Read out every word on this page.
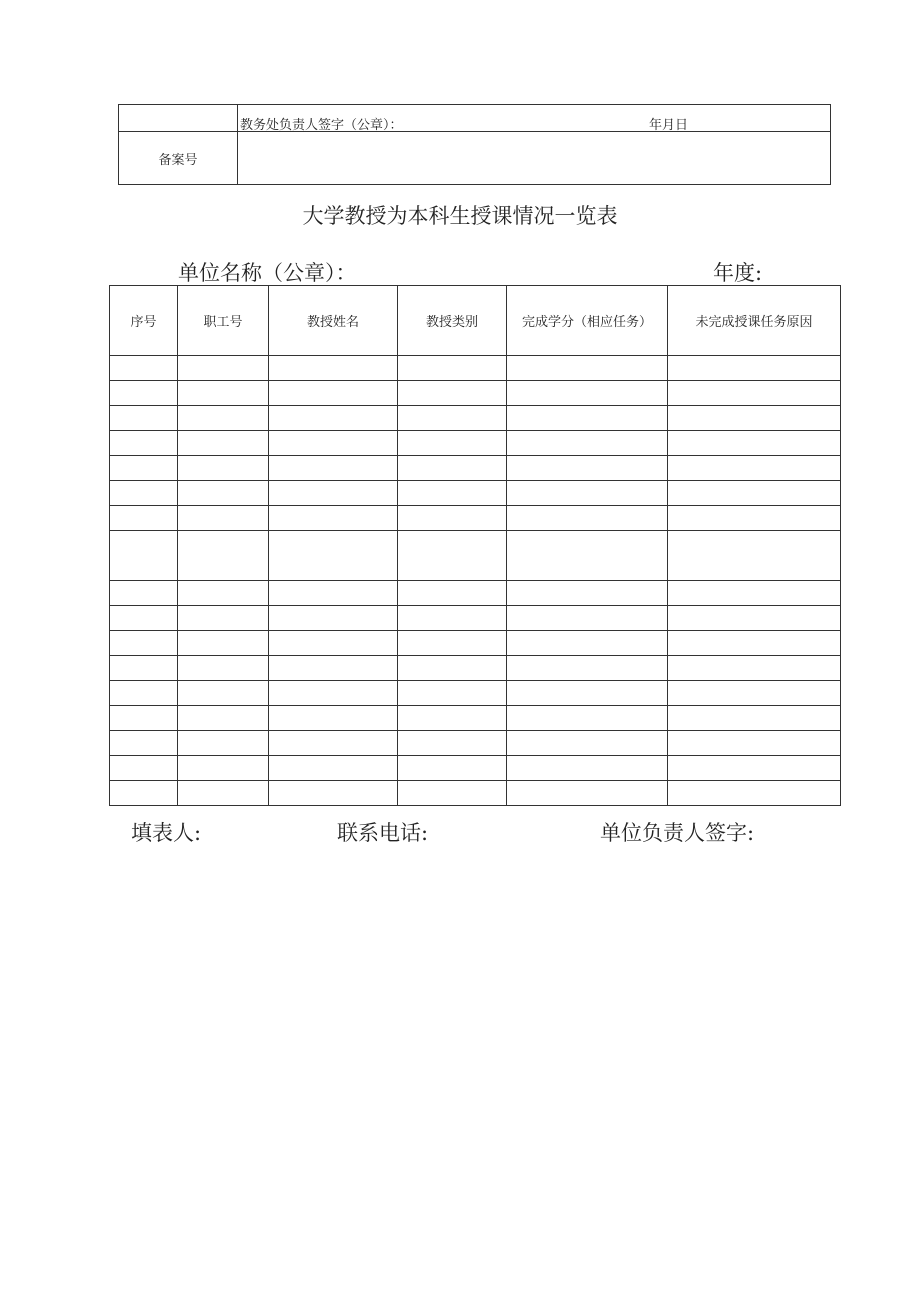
	教务处负责人签字（公章）： 年月日

备案号	
大学教授为本科生授课情况一览表
单位名称（公章）：	年度:
序号	职工号	教授姓名	教授类别	完成学分（相应任务）	未完成授课任务原因

填表人:	联系电话:	单位负责人签字:
